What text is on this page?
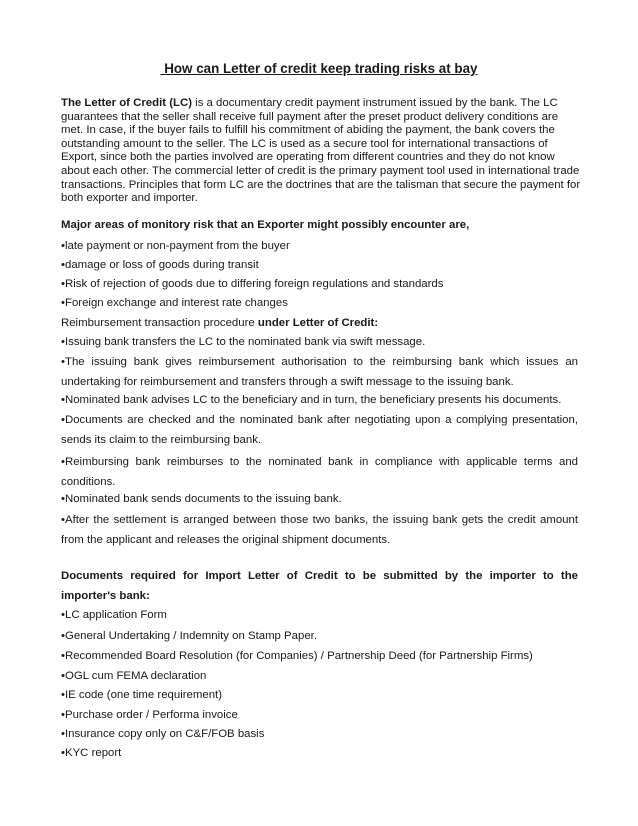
How can Letter of credit keep trading risks at bay
The Letter of Credit (LC) is a documentary credit payment instrument issued by the bank. The LC guarantees that the seller shall receive full payment after the preset product delivery conditions are met. In case, if the buyer fails to fulfill his commitment of abiding the payment, the bank covers the outstanding amount to the seller. The LC is used as a secure tool for international transactions of Export, since both the parties involved are operating from different countries and they do not know about each other. The commercial letter of credit is the primary payment tool used in international trade transactions. Principles that form LC are the doctrines that are the talisman that secure the payment for both exporter and importer.
Major areas of monitory risk that an Exporter might possibly encounter are,
•late payment or non-payment from the buyer
•damage or loss of goods during transit
•Risk of rejection of goods due to differing foreign regulations and standards
•Foreign exchange and interest rate changes
Reimbursement transaction procedure under Letter of Credit:
•Issuing bank transfers the LC to the nominated bank via swift message.
•The issuing bank gives reimbursement authorisation to the reimbursing bank which issues an undertaking for reimbursement and transfers through a swift message to the issuing bank.
•Nominated bank advises LC to the beneficiary and in turn, the beneficiary presents his documents.
•Documents are checked and the nominated bank after negotiating upon a complying presentation, sends its claim to the reimbursing bank.
•Reimbursing bank reimburses to the nominated bank in compliance with applicable terms and conditions.
•Nominated bank sends documents to the issuing bank.
•After the settlement is arranged between those two banks, the issuing bank gets the credit amount from the applicant and releases the original shipment documents.
Documents required for Import Letter of Credit to be submitted by the importer to the importer's bank:
•LC application Form
•General Undertaking / Indemnity on Stamp Paper.
•Recommended Board Resolution (for Companies) / Partnership Deed (for Partnership Firms)
•OGL cum FEMA declaration
•IE code (one time requirement)
•Purchase order / Performa invoice
•Insurance copy only on C&F/FOB basis
•KYC report
